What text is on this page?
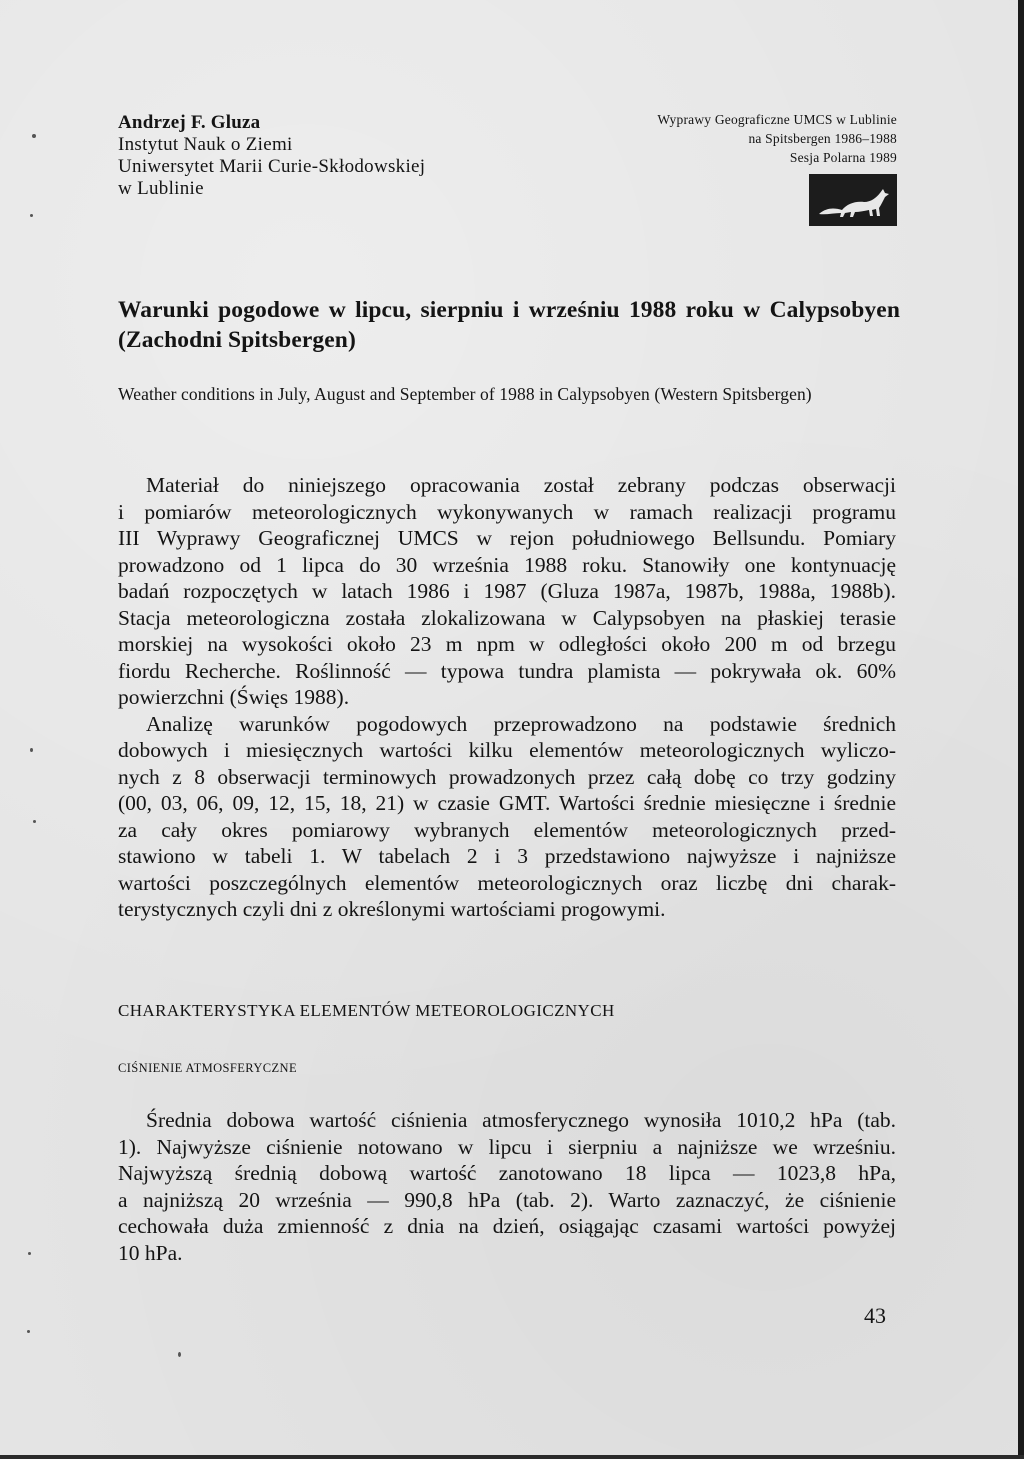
Andrzej F. Gluza
Instytut Nauk o Ziemi
Uniwersytet Marii Curie-Skłodowskiej
w Lublinie
Wyprawy Geograficzne UMCS w Lublinie
na Spitsbergen 1986–1988
Sesja Polarna 1989
Warunki pogodowe w lipcu, sierpniu i wrześniu 1988 roku w Calypsobyen
(Zachodni Spitsbergen)
Weather conditions in July, August and September of 1988 in Calypsobyen (Western Spitsbergen)
Materiał do niniejszego opracowania został zebrany podczas obserwacji
i pomiarów meteorologicznych wykonywanych w ramach realizacji programu
III Wyprawy Geograficznej UMCS w rejon południowego Bellsundu. Pomiary
prowadzono od 1 lipca do 30 września 1988 roku. Stanowiły one kontynuację
badań rozpoczętych w latach 1986 i 1987 (Gluza 1987a, 1987b, 1988a, 1988b).
Stacja meteorologiczna została zlokalizowana w Calypsobyen na płaskiej terasie
morskiej na wysokości około 23 m npm w odległości około 200 m od brzegu
fiordu Recherche. Roślinność — typowa tundra plamista — pokrywała ok. 60%
powierzchni (Święs 1988).
Analizę warunków pogodowych przeprowadzono na podstawie średnich
dobowych i miesięcznych wartości kilku elementów meteorologicznych wyliczo-
nych z 8 obserwacji terminowych prowadzonych przez całą dobę co trzy godziny
(00, 03, 06, 09, 12, 15, 18, 21) w czasie GMT. Wartości średnie miesięczne i średnie
za cały okres pomiarowy wybranych elementów meteorologicznych przed-
stawiono w tabeli 1. W tabelach 2 i 3 przedstawiono najwyższe i najniższe
wartości poszczególnych elementów meteorologicznych oraz liczbę dni charak-
terystycznych czyli dni z określonymi wartościami progowymi.
CHARAKTERYSTYKA ELEMENTÓW METEOROLOGICZNYCH
CIŚNIENIE ATMOSFERYCZNE
Średnia dobowa wartość ciśnienia atmosferycznego wynosiła 1010,2 hPa (tab.
1). Najwyższe ciśnienie notowano w lipcu i sierpniu a najniższe we wrześniu.
Najwyższą średnią dobową wartość zanotowano 18 lipca — 1023,8 hPa,
a najniższą 20 września — 990,8 hPa (tab. 2). Warto zaznaczyć, że ciśnienie
cechowała duża zmienność z dnia na dzień, osiągając czasami wartości powyżej
10 hPa.
43
